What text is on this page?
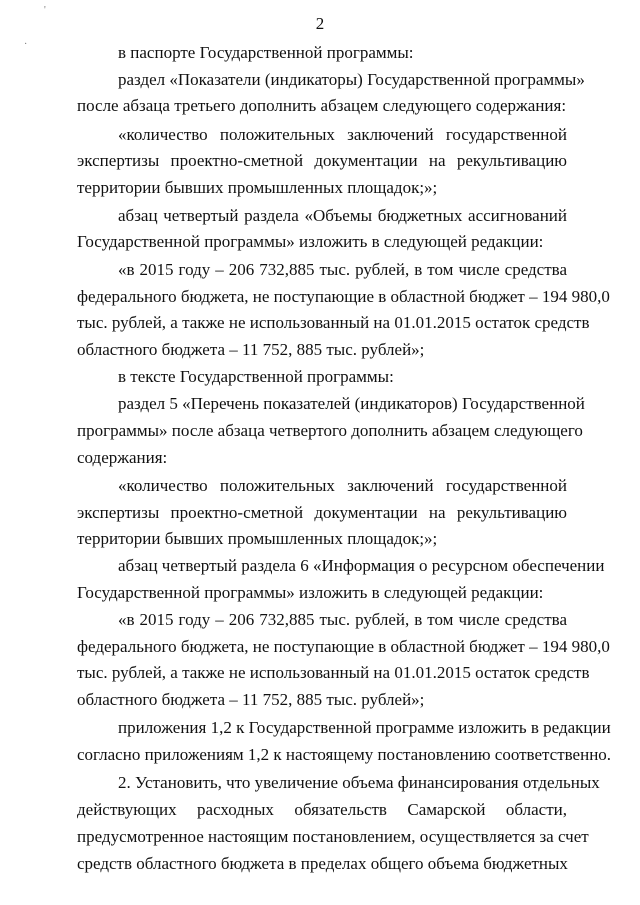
'
·
2
в паспорте Государственной программы:
раздел «Показатели (индикаторы) Государственной программы»
после абзаца третьего дополнить абзацем следующего содержания:
«количество положительных заключений государственной
экспертизы проектно-сметной документации на рекультивацию
территории бывших промышленных площадок;»;
абзац четвертый раздела «Объемы бюджетных ассигнований
Государственной программы» изложить в следующей редакции:
«в 2015 году – 206 732,885 тыс. рублей, в том числе средства
федерального бюджета, не поступающие в областной бюджет – 194 980,0
тыс. рублей, а также не использованный на 01.01.2015 остаток средств
областного бюджета – 11 752, 885 тыс. рублей»;
в тексте Государственной программы:
раздел 5 «Перечень показателей (индикаторов) Государственной
программы» после абзаца четвертого дополнить абзацем следующего
содержания:
«количество положительных заключений государственной
экспертизы проектно-сметной документации на рекультивацию
территории бывших промышленных площадок;»;
абзац четвертый раздела 6 «Информация о ресурсном обеспечении
Государственной программы» изложить в следующей редакции:
«в 2015 году – 206 732,885 тыс. рублей, в том числе средства
федерального бюджета, не поступающие в областной бюджет – 194 980,0
тыс. рублей, а также не использованный на 01.01.2015 остаток средств
областного бюджета – 11 752, 885 тыс. рублей»;
приложения 1,2 к Государственной программе изложить в редакции
согласно приложениям 1,2 к настоящему постановлению соответственно.
2. Установить, что увеличение объема финансирования отдельных
действующих расходных обязательств Самарской области,
предусмотренное настоящим постановлением, осуществляется за счет
средств областного бюджета в пределах общего объема бюджетных
